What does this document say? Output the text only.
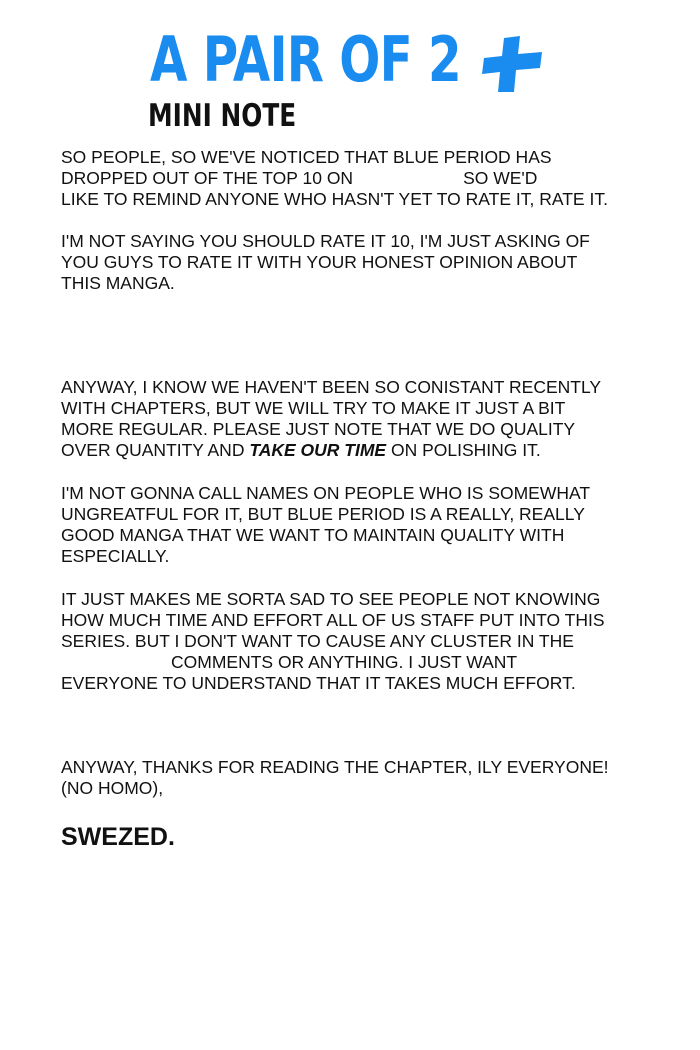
A PAIR OF 2
MINI NOTE

SO PEOPLE, SO WE'VE NOTICED THAT BLUE PERIOD HAS
DROPPED OUT OF THE TOP 10 ON	SO WE'D
LIKE TO REMIND ANYONE WHO HASN'T YET TO RATE IT, RATE IT.

I'M NOT SAYING YOU SHOULD RATE IT 10, I'M JUST ASKING OF
YOU GUYS TO RATE IT WITH YOUR HONEST OPINION ABOUT
THIS MANGA.

ANYWAY, I KNOW WE HAVEN'T BEEN SO CONISTANT RECENTLY
WITH CHAPTERS, BUT WE WILL TRY TO MAKE IT JUST A BIT
MORE REGULAR. PLEASE JUST NOTE THAT WE DO QUALITY
OVER QUANTITY AND TAKE OUR TIME ON POLISHING IT.

I'M NOT GONNA CALL NAMES ON PEOPLE WHO IS SOMEWHAT
UNGREATFUL FOR IT, BUT BLUE PERIOD IS A REALLY, REALLY
GOOD MANGA THAT WE WANT TO MAINTAIN QUALITY WITH
ESPECIALLY.

IT JUST MAKES ME SORTA SAD TO SEE PEOPLE NOT KNOWING
HOW MUCH TIME AND EFFORT ALL OF US STAFF PUT INTO THIS
SERIES. BUT I DON'T WANT TO CAUSE ANY CLUSTER IN THE
COMMENTS OR ANYTHING. I JUST WANT
EVERYONE TO UNDERSTAND THAT IT TAKES MUCH EFFORT.

ANYWAY, THANKS FOR READING THE CHAPTER, ILY EVERYONE!
(NO HOMO),

SWEZED.
